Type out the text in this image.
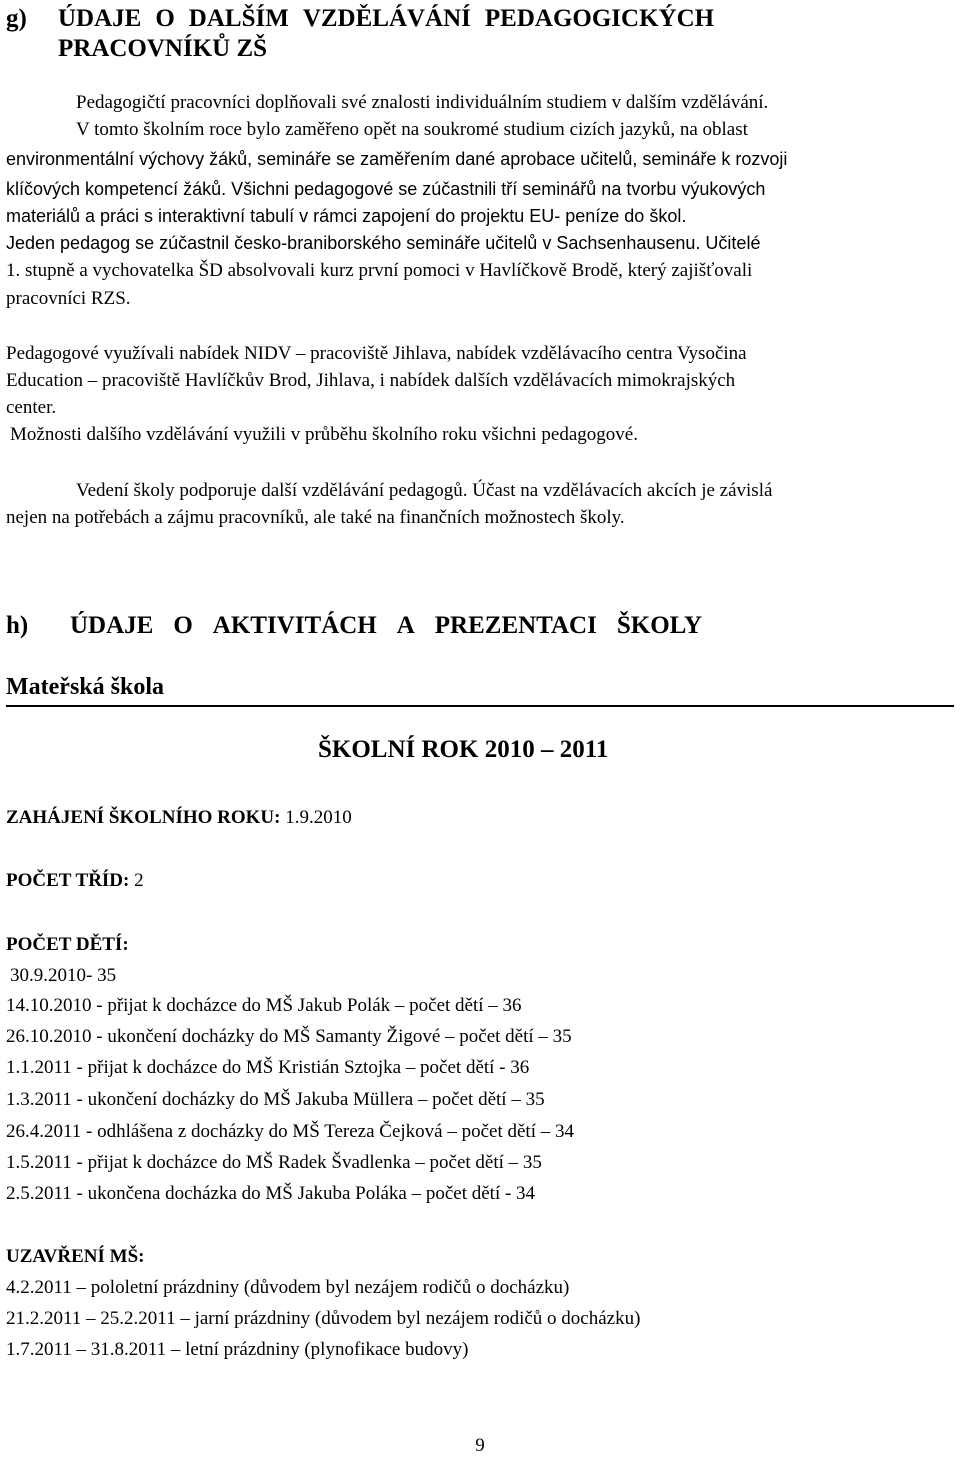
g) ÚDAJE O DALŠÍM VZDĚLÁVÁNÍ PEDAGOGICKÝCH
PRACOVNÍKŮ ZŠ
Pedagogičtí pracovníci doplňovali své znalosti individuálním studiem v dalším vzdělávání.
V tomto školním roce bylo zaměřeno opět na soukromé studium cizích jazyků, na oblast
environmentální výchovy žáků, semináře se zaměřením dané aprobace učitelů, semináře k rozvoji
klíčových kompetencí žáků. Všichni pedagogové se zúčastnili tří seminářů na tvorbu výukových
materiálů a práci s interaktivní tabulí v rámci zapojení do projektu EU- peníze do škol.
Jeden pedagog se zúčastnil česko-braniborského semináře učitelů v Sachsenhausenu. Učitelé
1. stupně a vychovatelka ŠD absolvovali kurz první pomoci v Havlíčkově Brodě, který zajišťovali
pracovníci RZS.
Pedagogové využívali nabídek NIDV – pracoviště Jihlava, nabídek vzdělávacího centra Vysočina
Education – pracoviště Havlíčkův Brod, Jihlava, i nabídek dalších vzdělávacích mimokrajských
center.
Možnosti dalšího vzdělávání využili v průběhu školního roku všichni pedagogové.
Vedení školy podporuje další vzdělávání pedagogů. Účast na vzdělávacích akcích je závislá
nejen na potřebách a zájmu pracovníků, ale také na finančních možnostech školy.
h) ÚDAJE O AKTIVITÁCH A PREZENTACI ŠKOLY
Mateřská škola
ŠKOLNÍ ROK 2010 – 2011
ZAHÁJENÍ ŠKOLNÍHO ROKU: 1.9.2010
POČET TŘÍD: 2
POČET DĚTÍ:
30.9.2010- 35
14.10.2010 - přijat k docházce do MŠ Jakub Polák – počet dětí – 36
26.10.2010 - ukončení docházky do MŠ Samanty Žigové – počet dětí – 35
1.1.2011 - přijat k docházce do MŠ Kristián Sztojka – počet dětí - 36
1.3.2011 - ukončení docházky do MŠ Jakuba Müllera – počet dětí – 35
26.4.2011 - odhlášena z docházky do MŠ Tereza Čejková – počet dětí – 34
1.5.2011 - přijat k docházce do MŠ Radek Švadlenka – počet dětí – 35
2.5.2011 - ukončena docházka do MŠ Jakuba Poláka – počet dětí - 34
UZAVŘENÍ MŠ:
4.2.2011 – pololetní prázdniny (důvodem byl nezájem rodičů o docházku)
21.2.2011 – 25.2.2011 – jarní prázdniny (důvodem byl nezájem rodičů o docházku)
1.7.2011 – 31.8.2011 – letní prázdniny (plynofikace budovy)
9
